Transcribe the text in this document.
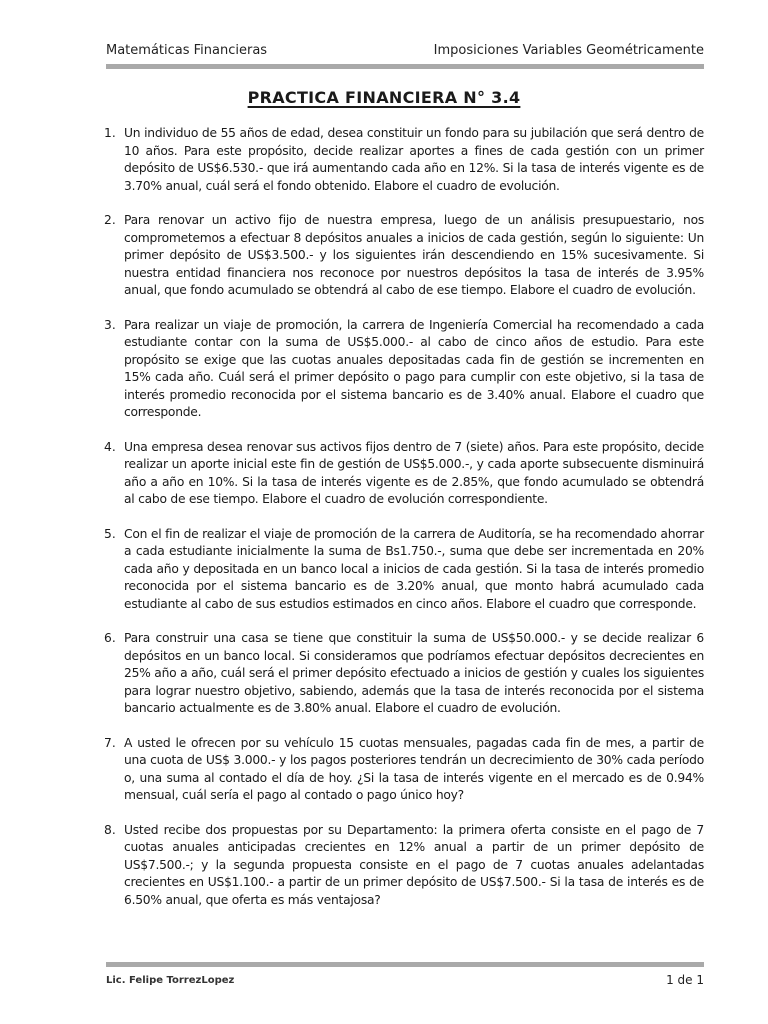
Matemáticas Financieras	Imposiciones Variables Geométricamente
PRACTICA FINANCIERA N° 3.4
1. Un individuo de 55 años de edad, desea constituir un fondo para su jubilación que será dentro de 10 años. Para este propósito, decide realizar aportes a fines de cada gestión con un primer depósito de US$6.530.- que irá aumentando cada año en 12%. Si la tasa de interés vigente es de 3.70% anual, cuál será el fondo obtenido. Elabore el cuadro de evolución.
2. Para renovar un activo fijo de nuestra empresa, luego de un análisis presupuestario, nos comprometemos a efectuar 8 depósitos anuales a inicios de cada gestión, según lo siguiente: Un primer depósito de US$3.500.- y los siguientes irán descendiendo en 15% sucesivamente. Si nuestra entidad financiera nos reconoce por nuestros depósitos la tasa de interés de 3.95% anual, que fondo acumulado se obtendrá al cabo de ese tiempo. Elabore el cuadro de evolución.
3. Para realizar un viaje de promoción, la carrera de Ingeniería Comercial ha recomendado a cada estudiante contar con la suma de US$5.000.- al cabo de cinco años de estudio. Para este propósito se exige que las cuotas anuales depositadas cada fin de gestión se incrementen en 15% cada año. Cuál será el primer depósito o pago para cumplir con este objetivo, si la tasa de interés promedio reconocida por el sistema bancario es de 3.40% anual. Elabore el cuadro que corresponde.
4. Una empresa desea renovar sus activos fijos dentro de 7 (siete) años. Para este propósito, decide realizar un aporte inicial este fin de gestión de US$5.000.-, y cada aporte subsecuente disminuirá año a año en 10%. Si la tasa de interés vigente es de 2.85%, que fondo acumulado se obtendrá al cabo de ese tiempo. Elabore el cuadro de evolución correspondiente.
5. Con el fin de realizar el viaje de promoción de la carrera de Auditoría, se ha recomendado ahorrar a cada estudiante inicialmente la suma de Bs1.750.-, suma que debe ser incrementada en 20% cada año y depositada en un banco local a inicios de cada gestión. Si la tasa de interés promedio reconocida por el sistema bancario es de 3.20% anual, que monto habrá acumulado cada estudiante al cabo de sus estudios estimados en cinco años. Elabore el cuadro que corresponde.
6. Para construir una casa se tiene que constituir la suma de US$50.000.- y se decide realizar 6 depósitos en un banco local. Si consideramos que podríamos efectuar depósitos decrecientes en 25% año a año, cuál será el primer depósito efectuado a inicios de gestión y cuales los siguientes para lograr nuestro objetivo, sabiendo, además que la tasa de interés reconocida por el sistema bancario actualmente es de 3.80% anual. Elabore el cuadro de evolución.
7. A usted le ofrecen por su vehículo 15 cuotas mensuales, pagadas cada fin de mes, a partir de una cuota de US$ 3.000.- y los pagos posteriores tendrán un decrecimiento de 30% cada período o, una suma al contado el día de hoy. ¿Si la tasa de interés vigente en el mercado es de 0.94% mensual, cuál sería el pago al contado o pago único hoy?
8. Usted recibe dos propuestas por su Departamento: la primera oferta consiste en el pago de 7 cuotas anuales anticipadas crecientes en 12% anual a partir de un primer depósito de US$7.500.-; y la segunda propuesta consiste en el pago de 7 cuotas anuales adelantadas crecientes en US$1.100.- a partir de un primer depósito de US$7.500.- Si la tasa de interés es de 6.50% anual, que oferta es más ventajosa?
Lic. Felipe TorrezLopez	1 de 1
